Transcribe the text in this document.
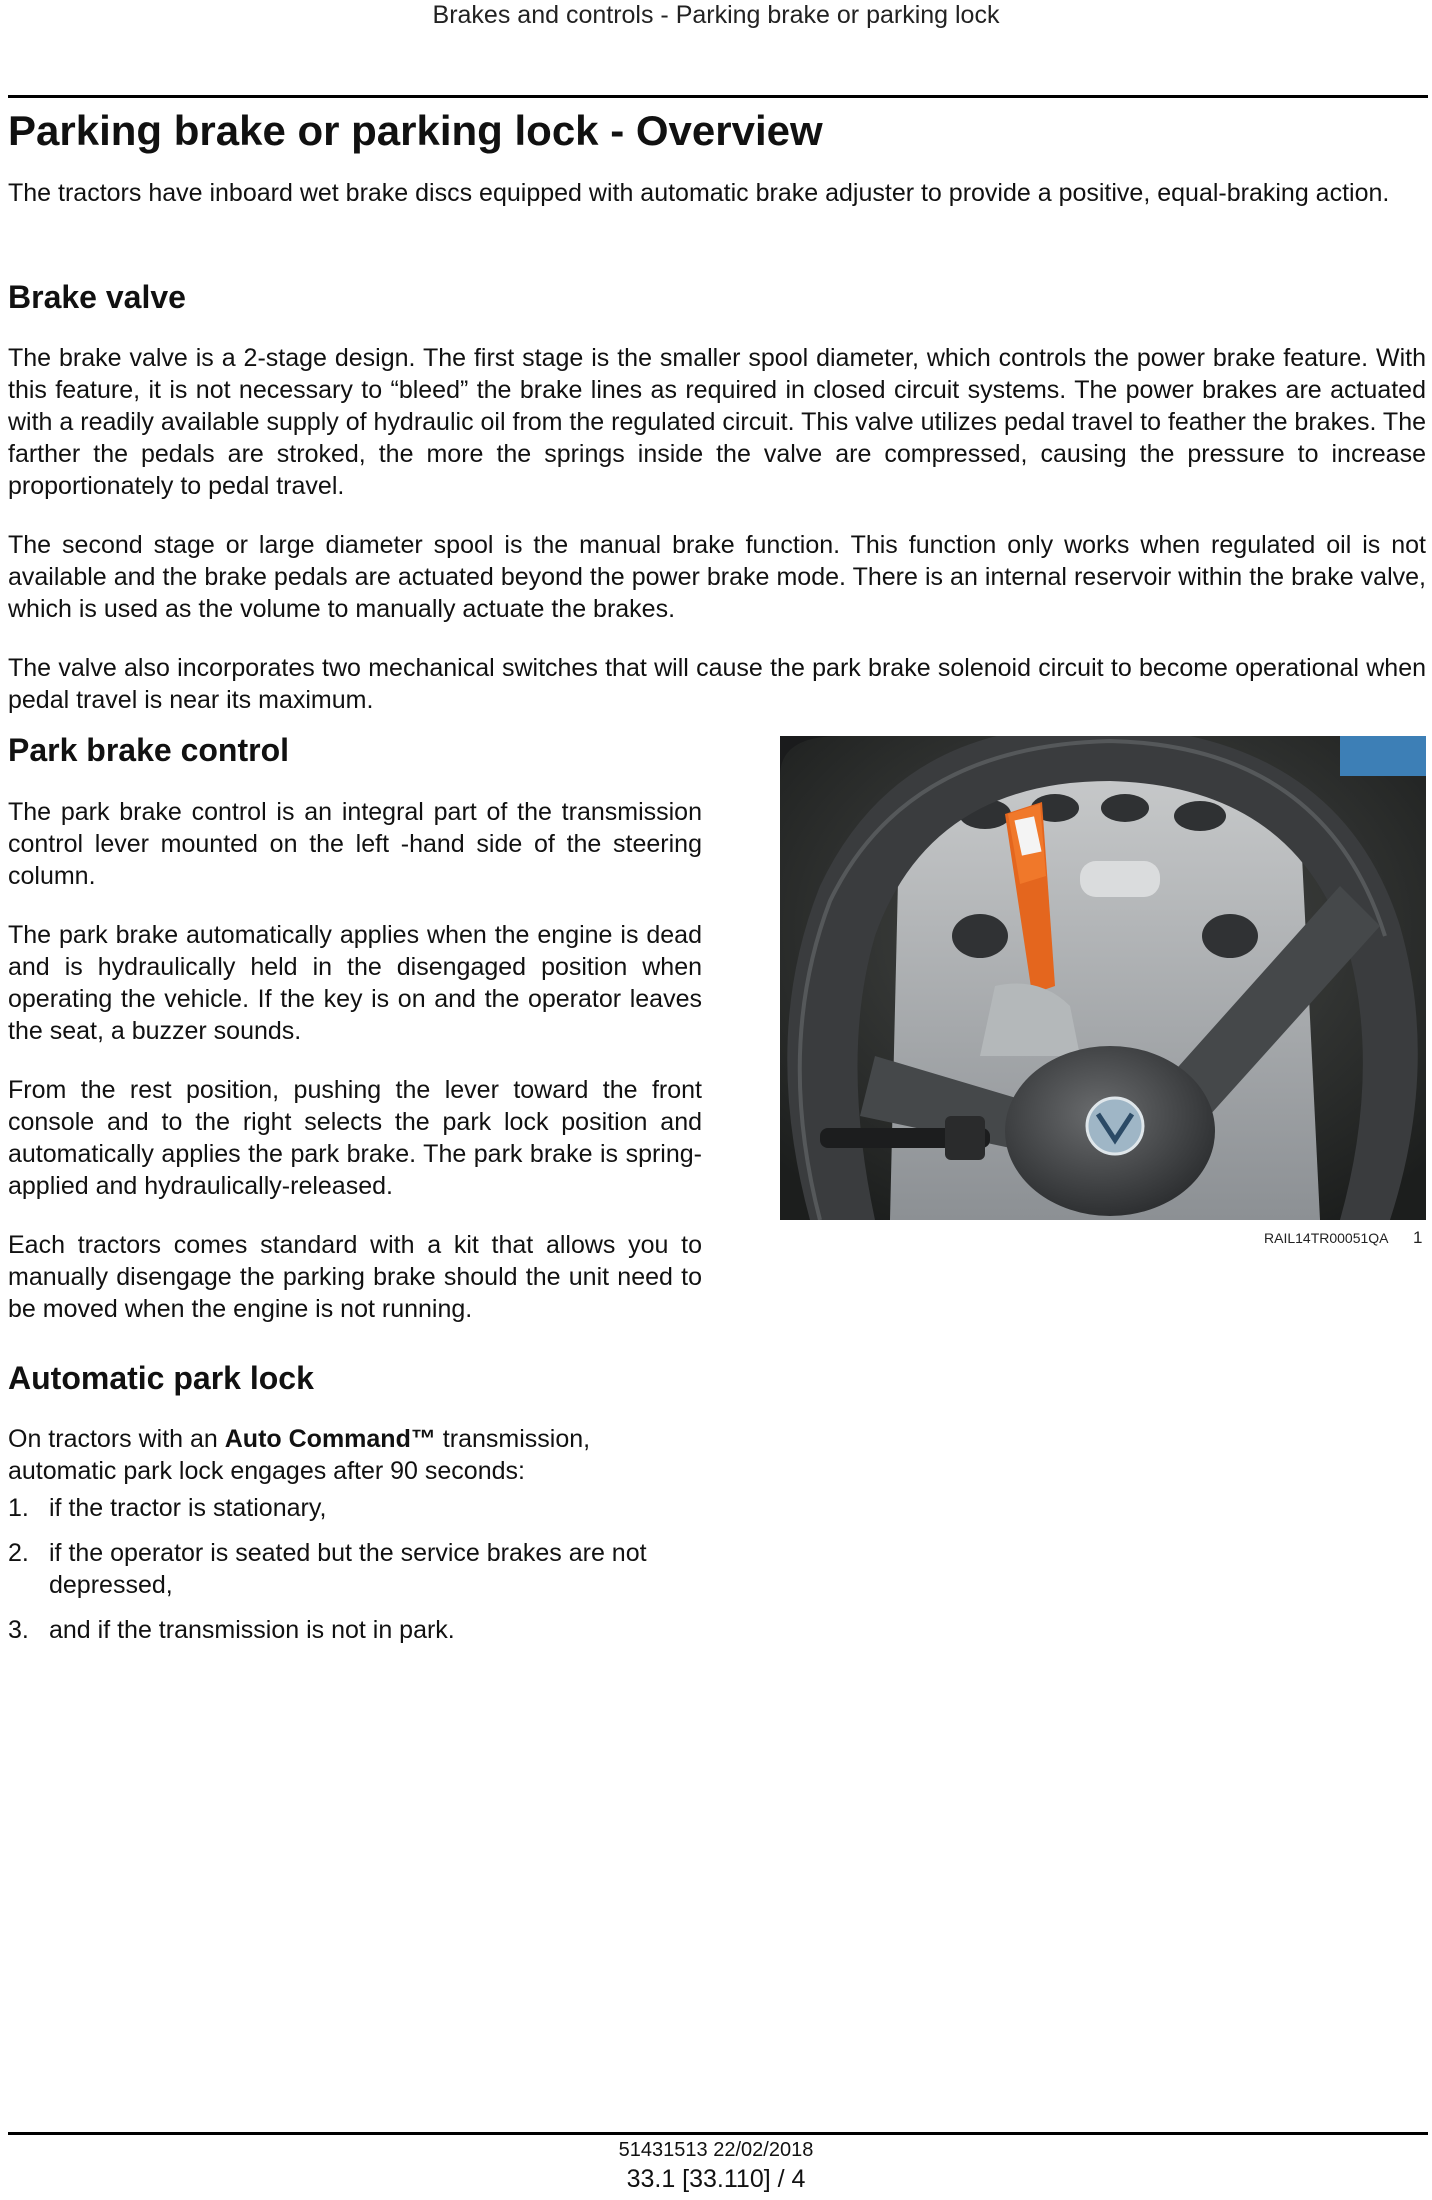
Brakes and controls - Parking brake or parking lock
Parking brake or parking lock - Overview

The tractors have inboard wet brake discs equipped with automatic brake adjuster to provide a positive, equal-braking action.

Brake valve

The brake valve is a 2-stage design. The first stage is the smaller spool diameter, which controls the power brake feature. With this feature, it is not necessary to “bleed” the brake lines as required in closed circuit systems. The power brakes are actuated with a readily available supply of hydraulic oil from the regulated circuit. This valve utilizes pedal travel to feather the brakes. The farther the pedals are stroked, the more the springs inside the valve are compressed, causing the pressure to increase proportionately to pedal travel.

The second stage or large diameter spool is the manual brake function. This function only works when regulated oil is not available and the brake pedals are actuated beyond the power brake mode. There is an internal reservoir within the brake valve, which is used as the volume to manually actuate the brakes.

The valve also incorporates two mechanical switches that will cause the park brake solenoid circuit to become operational when pedal travel is near its maximum.

Park brake control

The park brake control is an integral part of the transmission control lever mounted on the left -hand side of the steering column.

The park brake automatically applies when the engine is dead and is hydraulically held in the disengaged position when operating the vehicle. If the key is on and the operator leaves the seat, a buzzer sounds.

From the rest position, pushing the lever toward the front console and to the right selects the park lock position and automatically applies the park brake. The park brake is spring-applied and hydraulically-released.

Each tractors comes standard with a kit that allows you to manually disengage the parking brake should the unit need to be moved when the engine is not running.

RAIL14TR00051QA 1
Automatic park lock

On tractors with an Auto Command™ transmission, automatic park lock engages after 90 seconds:

1. if the tractor is stationary,
2. if the operator is seated but the service brakes are not depressed,
3. and if the transmission is not in park.
51431513 22/02/2018
33.1 [33.110] / 4
